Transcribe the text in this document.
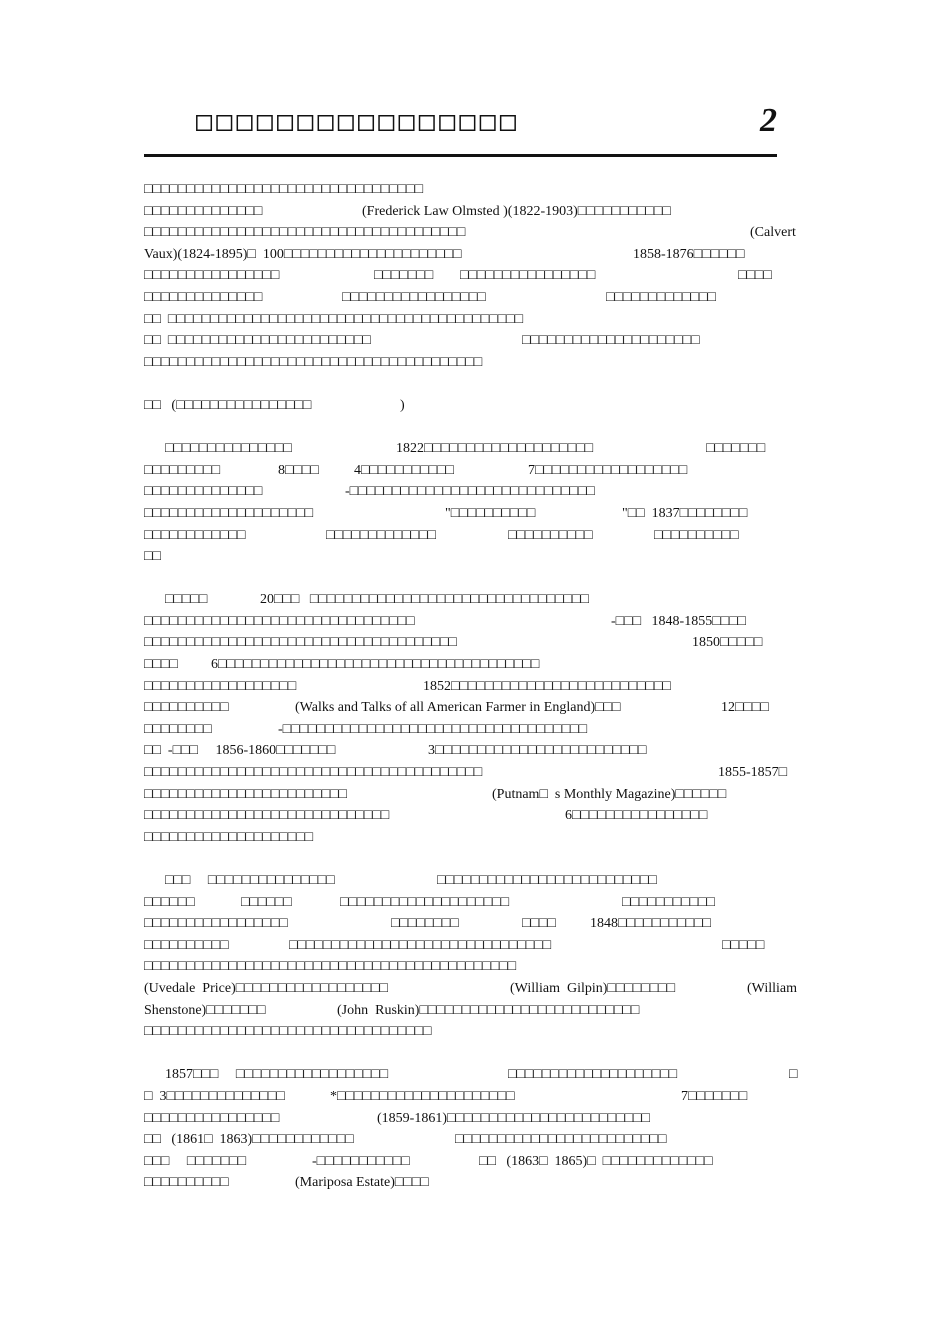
□□□□□□□□□□□□□□□□	2
□□□□□□□□□□□□□□□□□□□□□□□□□□□□□□□□□
□□□□□□□□□□□□□□	(Frederick Law Olmsted )(1822-1903)□□□□□□□□□□□
□□□□□□□□□□□□□□□□□□□□□□□□□□□□□□□□□□□□□□	(Calvert
Vaux)(1824-1895)□  100□□□□□□□□□□□□□□□□□□□□□	1858-1876□□□□□□
□□□□□□□□□□□□□□□□	□□□□□□□ □□□□□□□□□□□□□□□□	□□□□
□□□□□□□□□□□□□□	□□□□□□□□□□□□□□□□□	□□□□□□□□□□□□□
□□  □□□□□□□□□□□□□□□□□□□□□□□□□□□□□□□□□□□□□□□□□□
□□  □□□□□□□□□□□□□□□□□□□□□□□□	□□□□□□□□□□□□□□□□□□□□□
□□□□□□□□□□□□□□□□□□□□□□□□□□□□□□□□□□□□□□□□
□□   (□□□□□□□□□□□□□□□□	)
□□□□□□□□□□□□□□□	1822□□□□□□□□□□□□□□□□□□□□	□□□□□□□
□□□□□□□□□	8□□□□	4□□□□□□□□□□□	7□□□□□□□□□□□□□□□□□□
□□□□□□□□□□□□□□	-□□□□□□□□□□□□□□□□□□□□□□□□□□□□□
□□□□□□□□□□□□□□□□□□□□	"□□□□□□□□□□	"□□  1837□□□□□□□□
□□□□□□□□□□□□	□□□□□□□□□□□□□	□□□□□□□□□□	□□□□□□□□□□
□□
□□□□□	20□□□   □□□□□□□□□□□□□□□□□□□□□□□□□□□□□□□□□
□□□□□□□□□□□□□□□□□□□□□□□□□□□□□□□□	-□□□   1848-1855□□□□
□□□□□□□□□□□□□□□□□□□□□□□□□□□□□□□□□□□□□	1850□□□□□
□□□□ 6□□□□□□□□□□□□□□□□□□□□□□□□□□□□□□□□□□□□□□
□□□□□□□□□□□□□□□□□□	1852□□□□□□□□□□□□□□□□□□□□□□□□□□
□□□□□□□□□□	(Walks and Talks of all American Farmer in England)□□□	12□□□□
□□□□□□□□	-□□□□□□□□□□□□□□□□□□□□□□□□□□□□□□□□□□□□
□□  -□□□     1856-1860□□□□□□□	3□□□□□□□□□□□□□□□□□□□□□□□□□
□□□□□□□□□□□□□□□□□□□□□□□□□□□□□□□□□□□□□□□□	1855-1857□
□□□□□□□□□□□□□□□□□□□□□□□□	(Putnam□  s Monthly Magazine)□□□□□□
□□□□□□□□□□□□□□□□□□□□□□□□□□□□□	6□□□□□□□□□□□□□□□□
□□□□□□□□□□□□□□□□□□□□
□□□     □□□□□□□□□□□□□□□	□□□□□□□□□□□□□□□□□□□□□□□□□□
□□□□□□	□□□□□□	□□□□□□□□□□□□□□□□□□□□	□□□□□□□□□□□
□□□□□□□□□□□□□□□□□	□□□□□□□□	□□□□ 1848□□□□□□□□□□□
□□□□□□□□□□	□□□□□□□□□□□□□□□□□□□□□□□□□□□□□□□	□□□□□
□□□□□□□□□□□□□□□□□□□□□□□□□□□□□□□□□□□□□□□□□□□□
(Uvedale  Price)□□□□□□□□□□□□□□□□□□	(William  Gilpin)□□□□□□□□	(William
Shenstone)□□□□□□□	(John  Ruskin)□□□□□□□□□□□□□□□□□□□□□□□□□□
□□□□□□□□□□□□□□□□□□□□□□□□□□□□□□□□□□
1857□□□     □□□□□□□□□□□□□□□□□□	□□□□□□□□□□□□□□□□□□□□	□
□  3□□□□□□□□□□□□□□	*□□□□□□□□□□□□□□□□□□□□□	7□□□□□□□
□□□□□□□□□□□□□□□□	(1859-1861)□□□□□□□□□□□□□□□□□□□□□□□□
□□   (1861□  1863)□□□□□□□□□□□□	□□□□□□□□□□□□□□□□□□□□□□□□□
□□□     □□□□□□□	-□□□□□□□□□□□	□□   (1863□  1865)□  □□□□□□□□□□□□□
□□□□□□□□□□	(Mariposa Estate)□□□□
